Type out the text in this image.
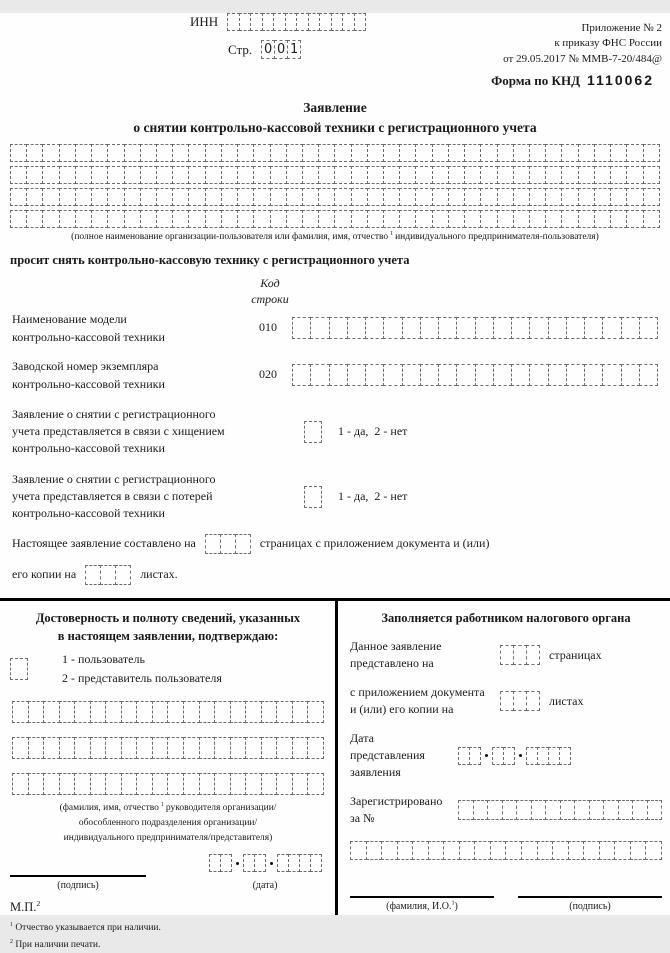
Приложение № 2
к приказу ФНС России
от 29.05.2017 № ММВ-7-20/484@
ИНН
Стр. 0 0 1
Форма по КНД 1110062
Заявление
о снятии контрольно-кассовой техники с регистрационного учета
(полное наименование организации-пользователя или фамилия, имя, отчество $^1$ индивидуального предпринимателя-пользователя)
просит снять контрольно-кассовую технику с регистрационного учета
Код
строки
Наименование модели
контрольно-кассовой техники
010
Заводской номер экземпляра
контрольно-кассовой техники
020
Заявление о снятии с регистрационного
учета представляется в связи с хищением
контрольно-кассовой техники
1 - да,  2 - нет
Заявление о снятии с регистрационного
учета представляется в связи с потерей
контрольно-кассовой техники
1 - да,  2 - нет
Настоящее заявление составлено на	страницах с приложением документа и (или)
его копии на	листах.
Достоверность и полноту сведений, указанных
в настоящем заявлении, подтверждаю:
1 - пользователь
2 - представитель пользователя
(фамилия, имя, отчество $^1$ руководителя организации/
обособленного подразделения организации/
индивидуального предпринимателя/представителя)
(подпись)	(дата)
М.П.$^2$
Заполняется работником налогового органа
Данное заявление
представлено на
страницах
с приложением документа
и (или) его копии на
листах
Дата
представления
заявления
Зарегистрировано
за №
(фамилия, И.О.$^1$)	(подпись)
$^1$ Отчество указывается при наличии.
$^2$ При наличии печати.
